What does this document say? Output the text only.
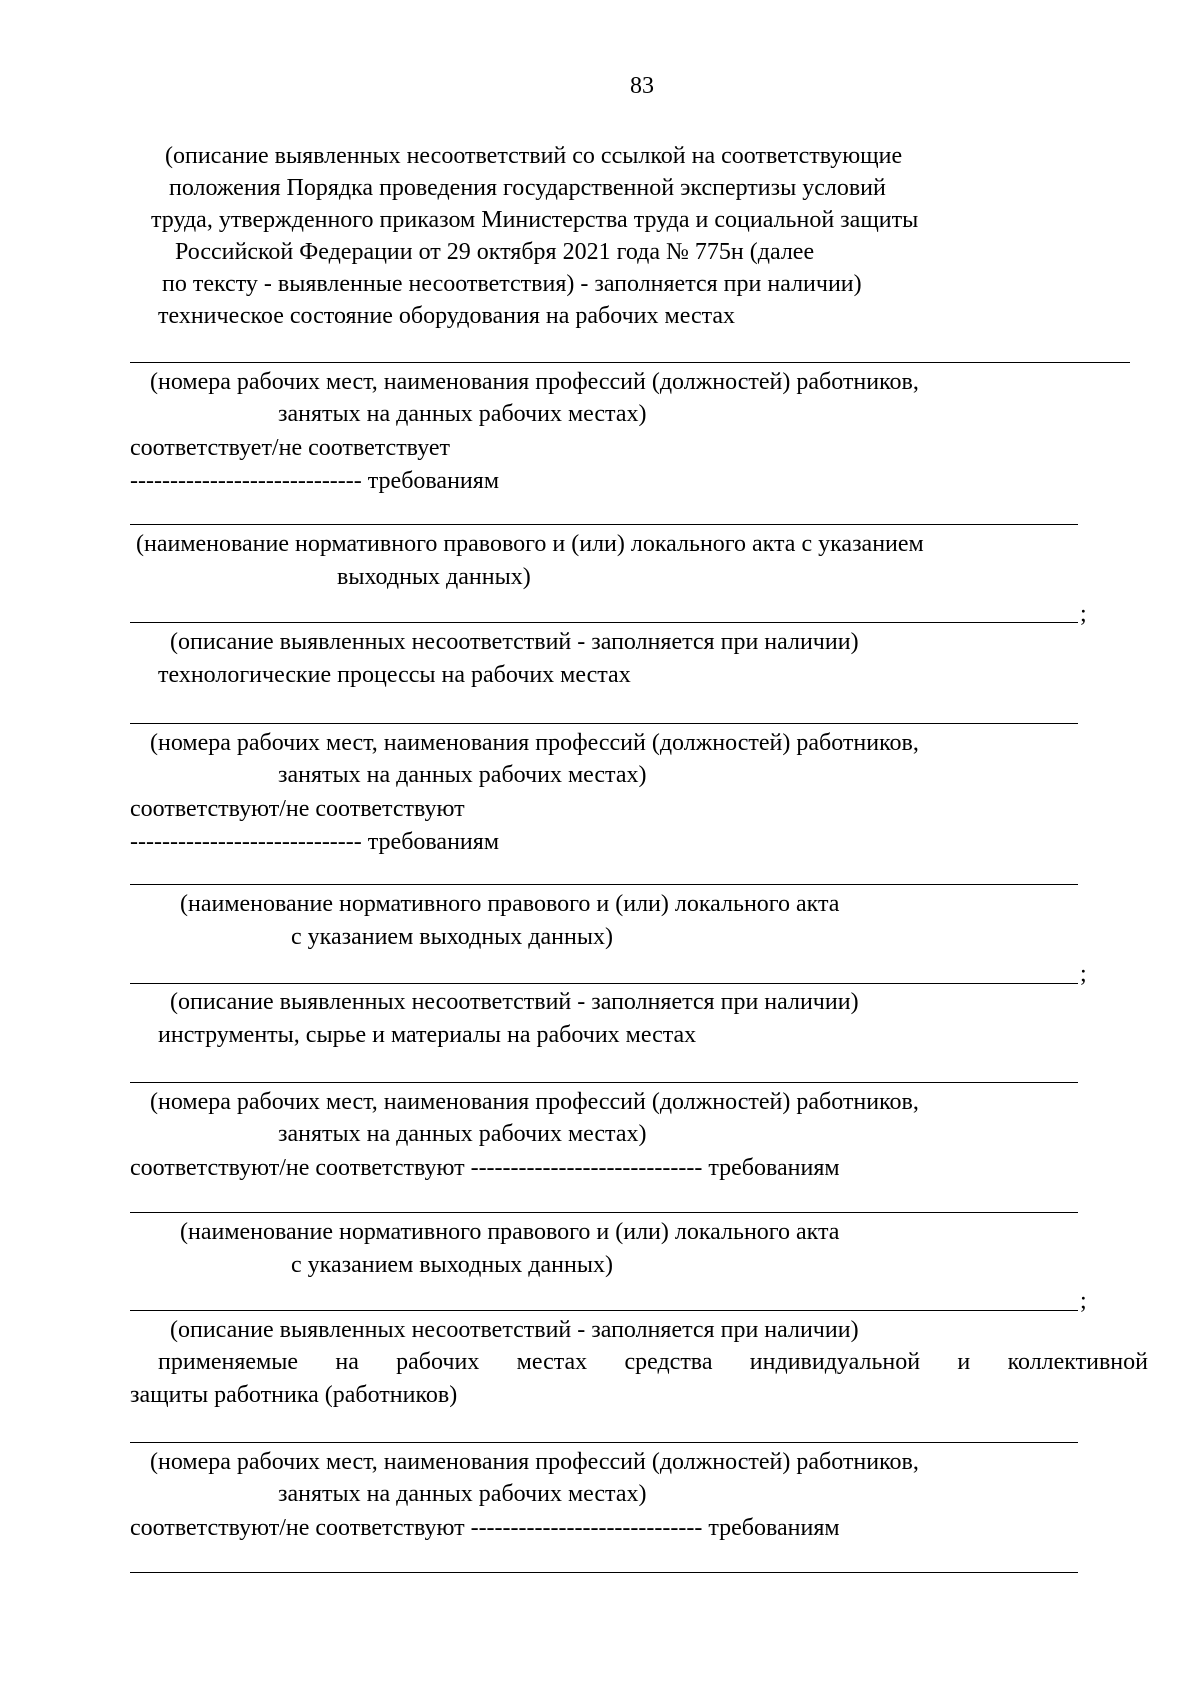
83
(описание выявленных несоответствий со ссылкой на соответствующие
положения Порядка проведения государственной экспертизы условий
труда, утвержденного приказом Министерства труда и социальной защиты
Российской Федерации от 29 октября 2021 года № 775н (далее
по тексту - выявленные несоответствия) - заполняется при наличии)
техническое состояние оборудования на рабочих местах
(номера рабочих мест, наименования профессий (должностей) работников,
занятых на данных рабочих местах)
соответствует/не соответствует
----------------------------- требованиям
(наименование нормативного правового и (или) локального акта с указанием
выходных данных)
;
(описание выявленных несоответствий - заполняется при наличии)
технологические процессы на рабочих местах
(номера рабочих мест, наименования профессий (должностей) работников,
занятых на данных рабочих местах)
соответствуют/не соответствуют
----------------------------- требованиям
(наименование нормативного правового и (или) локального акта
с указанием выходных данных)
;
(описание выявленных несоответствий - заполняется при наличии)
инструменты, сырье и материалы на рабочих местах
(номера рабочих мест, наименования профессий (должностей) работников,
занятых на данных рабочих местах)
соответствуют/не соответствуют ----------------------------- требованиям
(наименование нормативного правового и (или) локального акта
с указанием выходных данных)
;
(описание выявленных несоответствий - заполняется при наличии)
применяемые на рабочих местах средства индивидуальной и коллективной
защиты работника (работников)
(номера рабочих мест, наименования профессий (должностей) работников,
занятых на данных рабочих местах)
соответствуют/не соответствуют ----------------------------- требованиям
